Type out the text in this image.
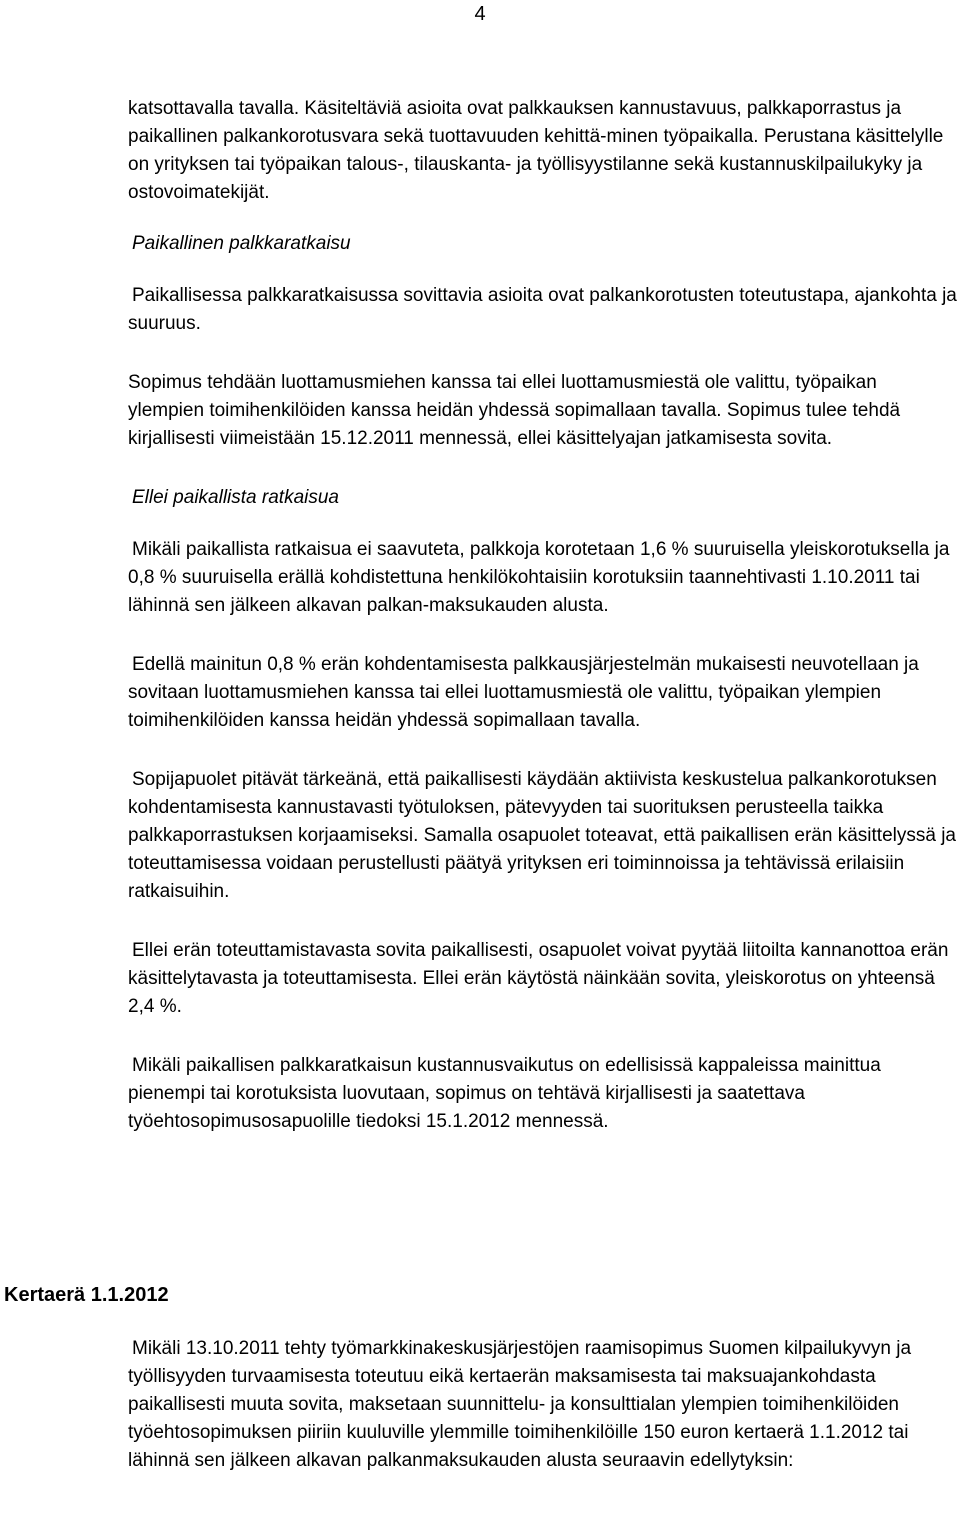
4

katsottavalla tavalla. Käsiteltäviä asioita ovat palkkauksen kannustavuus, palkkaporrastus ja paikallinen palkankorotusvara sekä tuottavuuden kehittä-minen työpaikalla. Perustana käsittelylle on yrityksen tai työpaikan talous-, tilauskanta- ja työllisyystilanne sekä kustannuskilpailukyky ja ostovoimatekijät.

Paikallinen palkkaratkaisu

Paikallisessa palkkaratkaisussa sovittavia asioita ovat palkankorotusten toteutustapa, ajankohta ja suuruus.

Sopimus tehdään luottamusmiehen kanssa tai ellei luottamusmiestä ole valittu, työpaikan ylempien toimihenkilöiden kanssa heidän yhdessä sopimallaan tavalla. Sopimus tulee tehdä kirjallisesti viimeistään 15.12.2011 mennessä, ellei käsittelyajan jatkamisesta sovita.

Ellei paikallista ratkaisua

Mikäli paikallista ratkaisua ei saavuteta, palkkoja korotetaan 1,6 % suuruisella yleiskorotuksella ja 0,8 % suuruisella erällä kohdistettuna henkilökohtaisiin korotuksiin taannehtivasti 1.10.2011 tai lähinnä sen jälkeen alkavan palkan-maksukauden alusta.

Edellä mainitun 0,8 % erän kohdentamisesta palkkausjärjestelmän mukaisesti neuvotellaan ja sovitaan luottamusmiehen kanssa tai ellei luottamusmiestä ole valittu, työpaikan ylempien toimihenkilöiden kanssa heidän yhdessä sopimallaan tavalla.

Sopijapuolet pitävät tärkeänä, että paikallisesti käydään aktiivista keskustelua palkankorotuksen kohdentamisesta kannustavasti työtuloksen, pätevyyden tai suorituksen perusteella taikka palkkaporrastuksen korjaamiseksi. Samalla osapuolet toteavat, että paikallisen erän käsittelyssä ja toteuttamisessa voidaan perustellusti päätyä yrityksen eri toiminnoissa ja tehtävissä erilaisiin ratkaisuihin.

Ellei erän toteuttamistavasta sovita paikallisesti, osapuolet voivat pyytää liitoilta kannanottoa erän käsittelytavasta ja toteuttamisesta. Ellei erän käytöstä näinkään sovita, yleiskorotus on yhteensä 2,4 %.

Mikäli paikallisen palkkaratkaisun kustannusvaikutus on edellisissä kappaleissa mainittua pienempi tai korotuksista luovutaan, sopimus on tehtävä kirjallisesti ja saatettava työehtosopimusosapuolille tiedoksi 15.1.2012 mennessä.

Kertaerä 1.1.2012

Mikäli 13.10.2011 tehty työmarkkinakeskusjärjestöjen raamisopimus Suomen kilpailukyvyn ja työllisyyden turvaamisesta toteutuu eikä kertaerän maksamisesta tai maksuajankohdasta paikallisesti muuta sovita, maksetaan suunnittelu- ja konsulttialan ylempien toimihenkilöiden työehtosopimuksen piiriin kuuluville ylemmille toimihenkilöille 150 euron kertaerä 1.1.2012 tai lähinnä sen jälkeen alkavan palkanmaksukauden alusta seuraavin edellytyksin:
